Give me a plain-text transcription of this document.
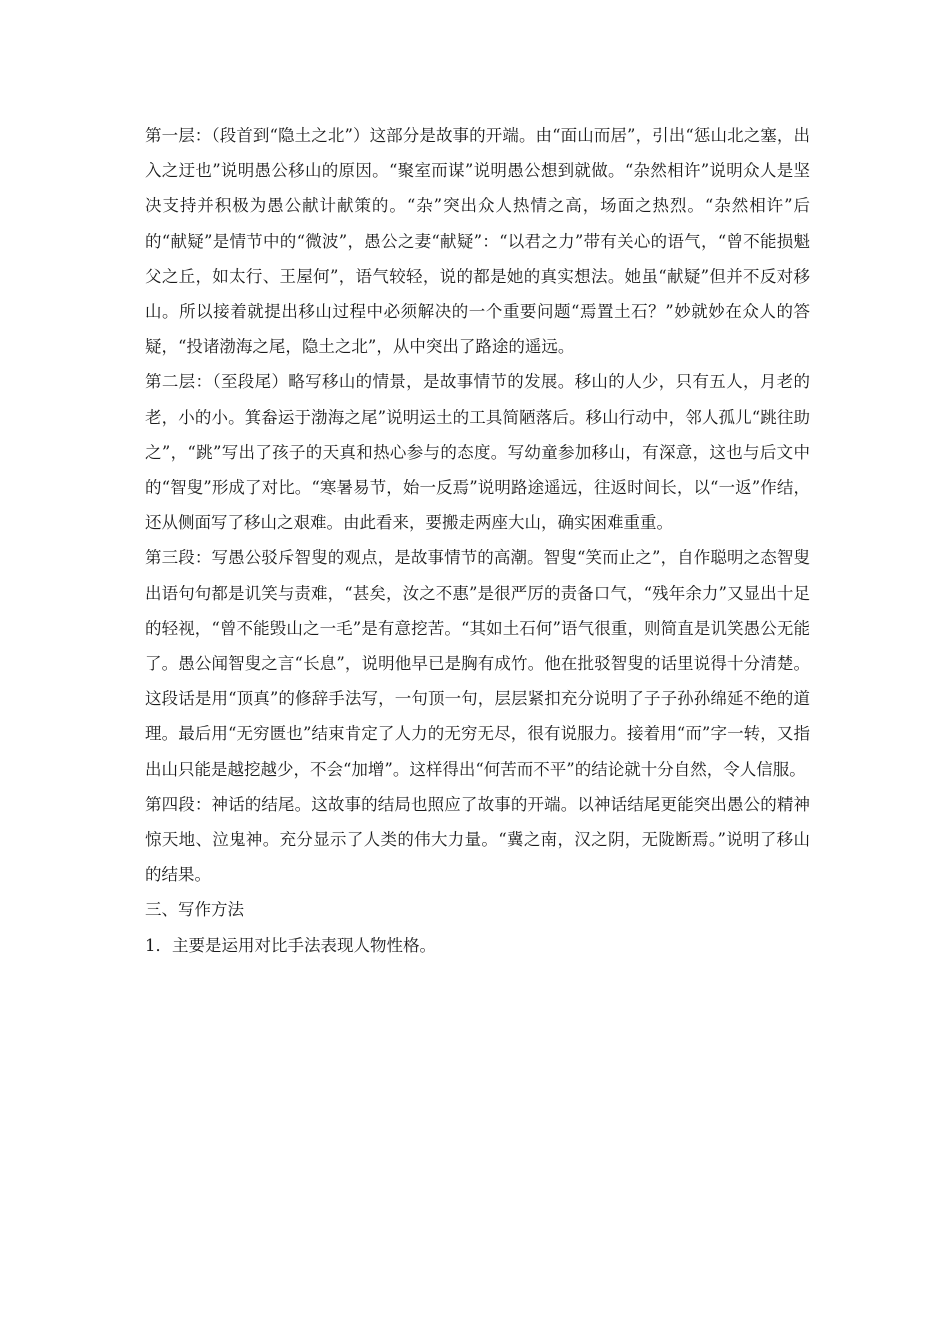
第一层：（段首到“隐土之北”）这部分是故事的开端。由“面山而居”，引出“惩山北之塞，出入之迂也”说明愚公移山的原因。“聚室而谋”说明愚公想到就做。“杂然相许”说明众人是坚决支持并积极为愚公献计献策的。“杂”突出众人热情之高，场面之热烈。“杂然相许”后的“献疑”是情节中的“微波”，愚公之妻“献疑”：“以君之力”带有关心的语气，“曾不能损魁父之丘，如太行、王屋何”，语气较轻，说的都是她的真实想法。她虽“献疑”但并不反对移山。所以接着就提出移山过程中必须解决的一个重要问题“焉置土石？”妙就妙在众人的答疑，“投诸渤海之尾，隐土之北”，从中突出了路途的遥远。

第二层：（至段尾）略写移山的情景，是故事情节的发展。移山的人少，只有五人，月老的老，小的小。箕畚运于渤海之尾”说明运土的工具简陋落后。移山行动中，邻人孤儿“跳往助之”，“跳”写出了孩子的天真和热心参与的态度。写幼童参加移山，有深意，这也与后文中的“智叟”形成了对比。“寒暑易节，始一反焉”说明路途遥远，往返时间长，以“一返”作结，还从侧面写了移山之艰难。由此看来，要搬走两座大山，确实困难重重。

第三段：写愚公驳斥智叟的观点，是故事情节的高潮。智叟“笑而止之”，自作聪明之态智叟出语句句都是讥笑与责难，“甚矣，汝之不惠”是很严厉的责备口气，“残年余力”又显出十足的轻视，“曾不能毁山之一毛”是有意挖苦。“其如土石何”语气很重，则简直是讥笑愚公无能了。愚公闻智叟之言“长息”，说明他早已是胸有成竹。他在批驳智叟的话里说得十分清楚。这段话是用“顶真”的修辞手法写，一句顶一句，层层紧扣充分说明了子子孙孙绵延不绝的道理。最后用“无穷匮也”结束肯定了人力的无穷无尽，很有说服力。接着用“而”字一转，又指出山只能是越挖越少，不会“加增”。这样得出“何苦而不平”的结论就十分自然，令人信服。

第四段：神话的结尾。这故事的结局也照应了故事的开端。以神话结尾更能突出愚公的精神惊天地、泣鬼神。充分显示了人类的伟大力量。“冀之南，汉之阴，无陇断焉。”说明了移山的结果。

三、写作方法

1．主要是运用对比手法表现人物性格。
